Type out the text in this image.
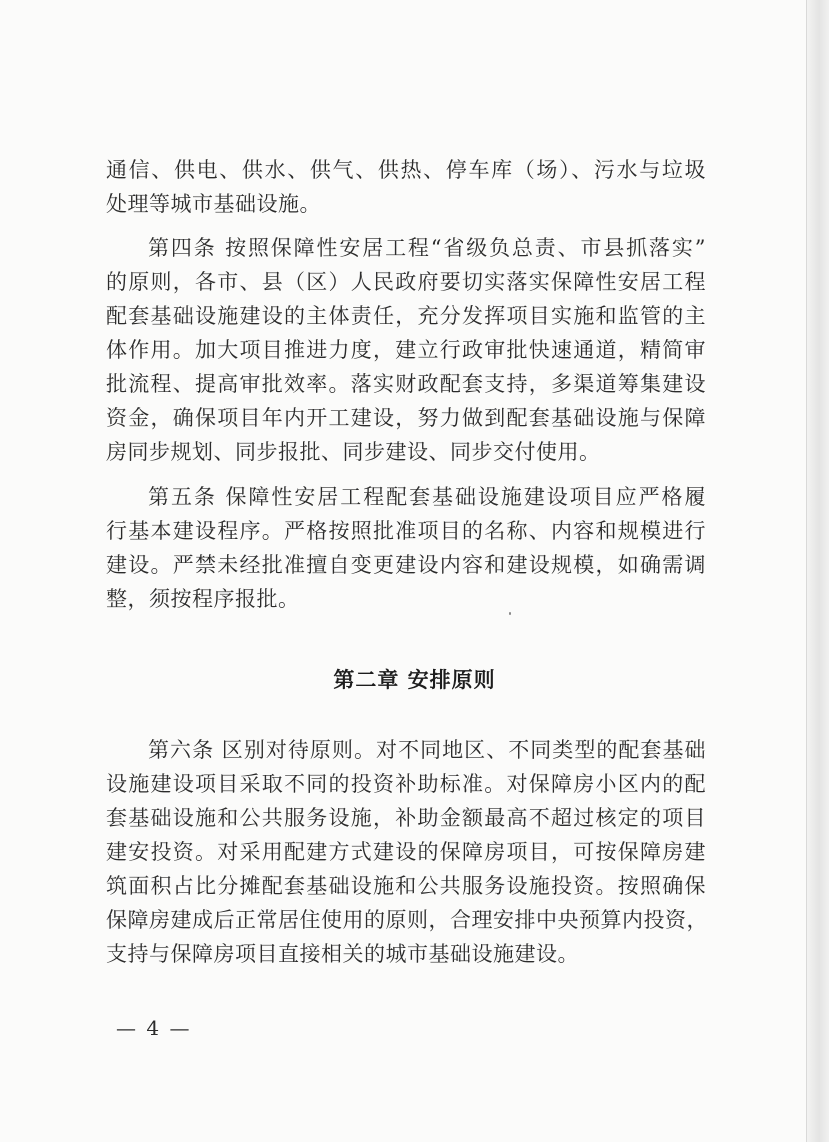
通信、供电、供水、供气、供热、停车库（场）、污水与垃圾
处理等城市基础设施。
第四条 按照保障性安居工程“省级负总责、市县抓落实”
的原则，各市、县（区）人民政府要切实落实保障性安居工程
配套基础设施建设的主体责任，充分发挥项目实施和监管的主
体作用。加大项目推进力度，建立行政审批快速通道，精简审
批流程、提高审批效率。落实财政配套支持，多渠道筹集建设
资金，确保项目年内开工建设，努力做到配套基础设施与保障
房同步规划、同步报批、同步建设、同步交付使用。
第五条 保障性安居工程配套基础设施建设项目应严格履
行基本建设程序。严格按照批准项目的名称、内容和规模进行
建设。严禁未经批准擅自变更建设内容和建设规模，如确需调
整，须按程序报批。
第二章 安排原则
第六条 区别对待原则。对不同地区、不同类型的配套基础
设施建设项目采取不同的投资补助标准。对保障房小区内的配
套基础设施和公共服务设施，补助金额最高不超过核定的项目
建安投资。对采用配建方式建设的保障房项目，可按保障房建
筑面积占比分摊配套基础设施和公共服务设施投资。按照确保
保障房建成后正常居住使用的原则，合理安排中央预算内投资，
支持与保障房项目直接相关的城市基础设施建设。
— 4 —
